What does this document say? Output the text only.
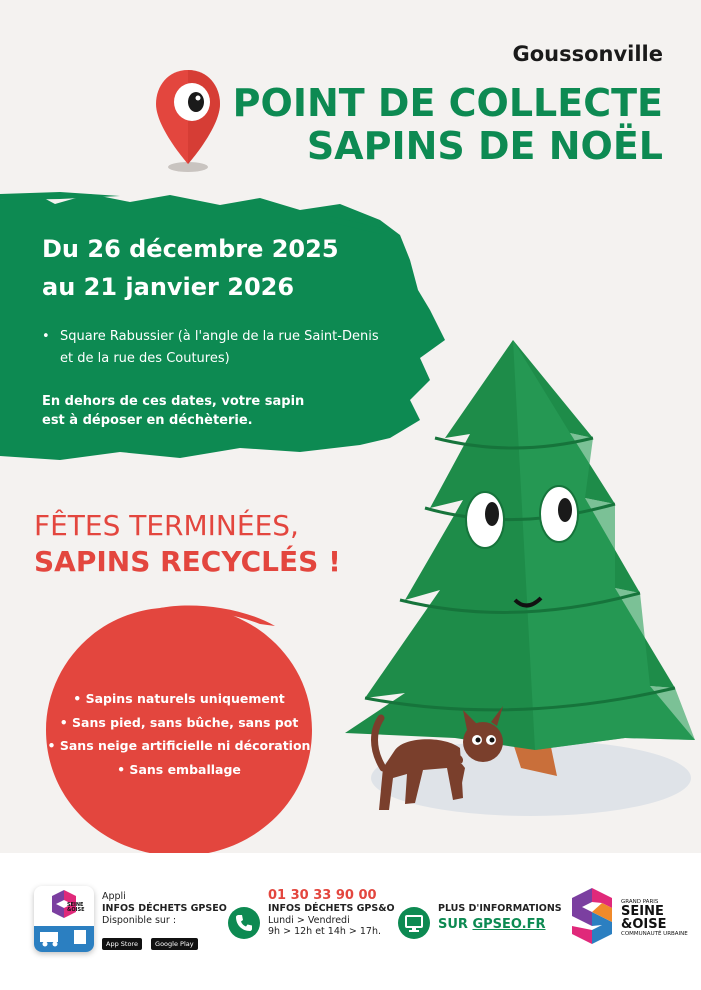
Goussonville
POINT DE COLLECTE
SAPINS DE NOËL
Du 26 décembre 2025
au 21 janvier 2026
• Square Rabussier (à l'angle de la rue Saint-Denis
et de la rue des Coutures)
En dehors de ces dates, votre sapin
est à déposer en déchèterie.
FÊTES TERMINÉES,
SAPINS RECYCLÉS !
• Sapins naturels uniquement
• Sans pied, sans bûche, sans pot
• Sans neige artificielle ni décoration
• Sans emballage
SEINE
&OISE
Appli
INFOS DÉCHETS GPSEO
Disponible sur :
App Store	Google Play
01 30 33 90 00
INFOS DÉCHETS GPS&O
Lundi > Vendredi
9h > 12h et 14h > 17h.
PLUS D'INFORMATIONS
SUR GPSEO.FR
GRAND PARIS
SEINE
&OISE
COMMUNAUTÉ URBAINE
